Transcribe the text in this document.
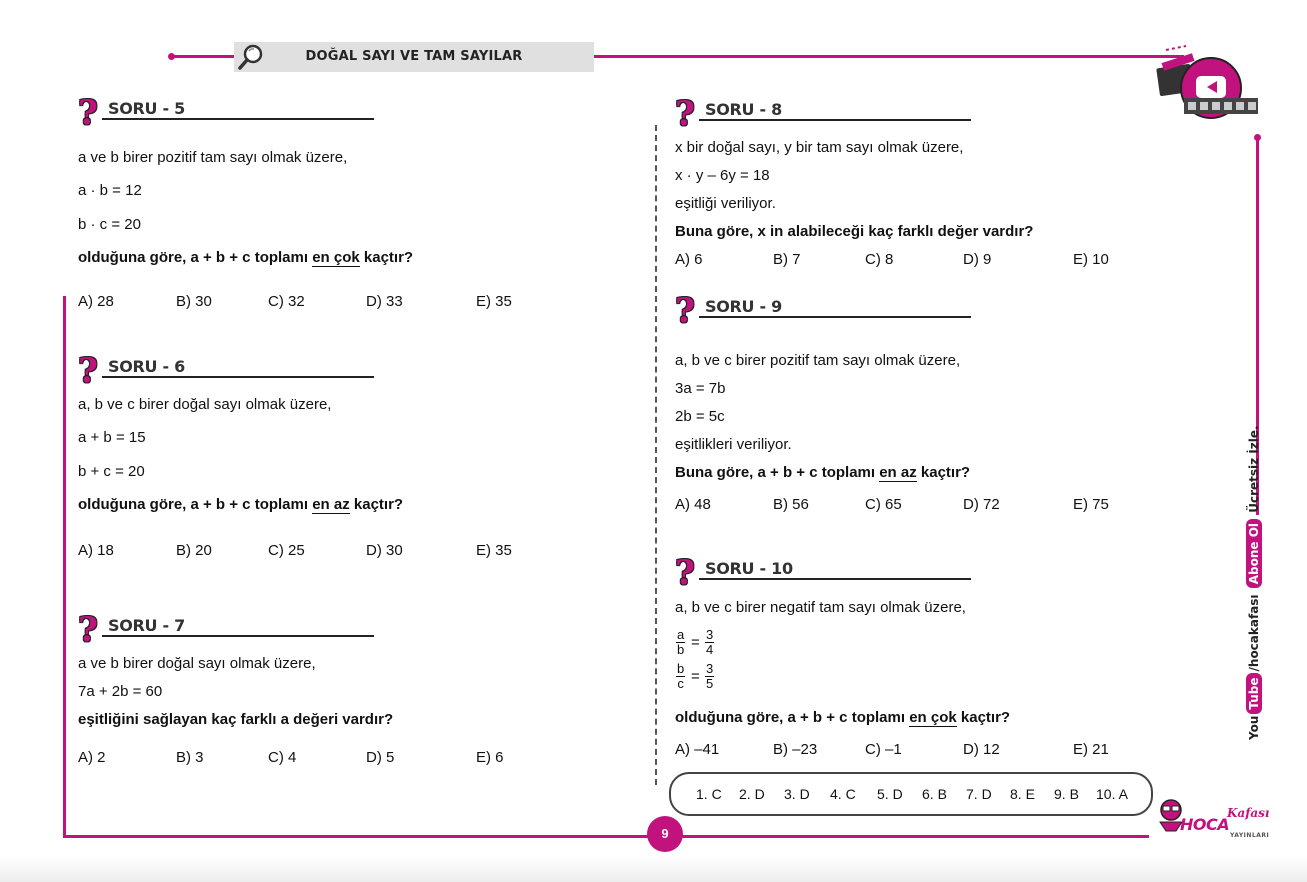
DOĞAL SAYI VE TAM SAYILAR
? SORU - 5
a ve b birer pozitif tam sayı olmak üzere,
a · b = 12
b · c = 20
olduğuna göre, a + b + c toplamı en çok kaçtır?
A) 28	B) 30	C) 32	D) 33	E) 35
? SORU - 6
a, b ve c birer doğal sayı olmak üzere,
a + b = 15
b + c = 20
olduğuna göre, a + b + c toplamı en az kaçtır?
A) 18	B) 20	C) 25	D) 30	E) 35
? SORU - 7
a ve b birer doğal sayı olmak üzere,
7a + 2b = 60
eşitliğini sağlayan kaç farklı a değeri vardır?
A) 2	B) 3	C) 4	D) 5	E) 6
? SORU - 8
x bir doğal sayı, y bir tam sayı olmak üzere,
x · y – 6y = 18
eşitliği veriliyor.
Buna göre, x in alabileceği kaç farklı değer vardır?
A) 6	B) 7	C) 8	D) 9	E) 10
? SORU - 9
a, b ve c birer pozitif tam sayı olmak üzere,
3a = 7b
2b = 5c
eşitlikleri veriliyor.
Buna göre, a + b + c toplamı en az kaçtır?
A) 48	B) 56	C) 65	D) 72	E) 75
? SORU - 10
a, b ve c birer negatif tam sayı olmak üzere,
$\frac{a}{b} = \frac{3}{4}$
$\frac{b}{c} = \frac{3}{5}$
olduğuna göre, a + b + c toplamı en çok kaçtır?
A) –41	B) –23	C) –1	D) 12	E) 21
1. C 2. D 3. D 4. C 5. D 6. B 7. D 8. E 9. B 10. A
9
YouTube/hocakafası Abone Ol Ücretsiz İzle.
HOCA
Kafası
YAYINLARI
